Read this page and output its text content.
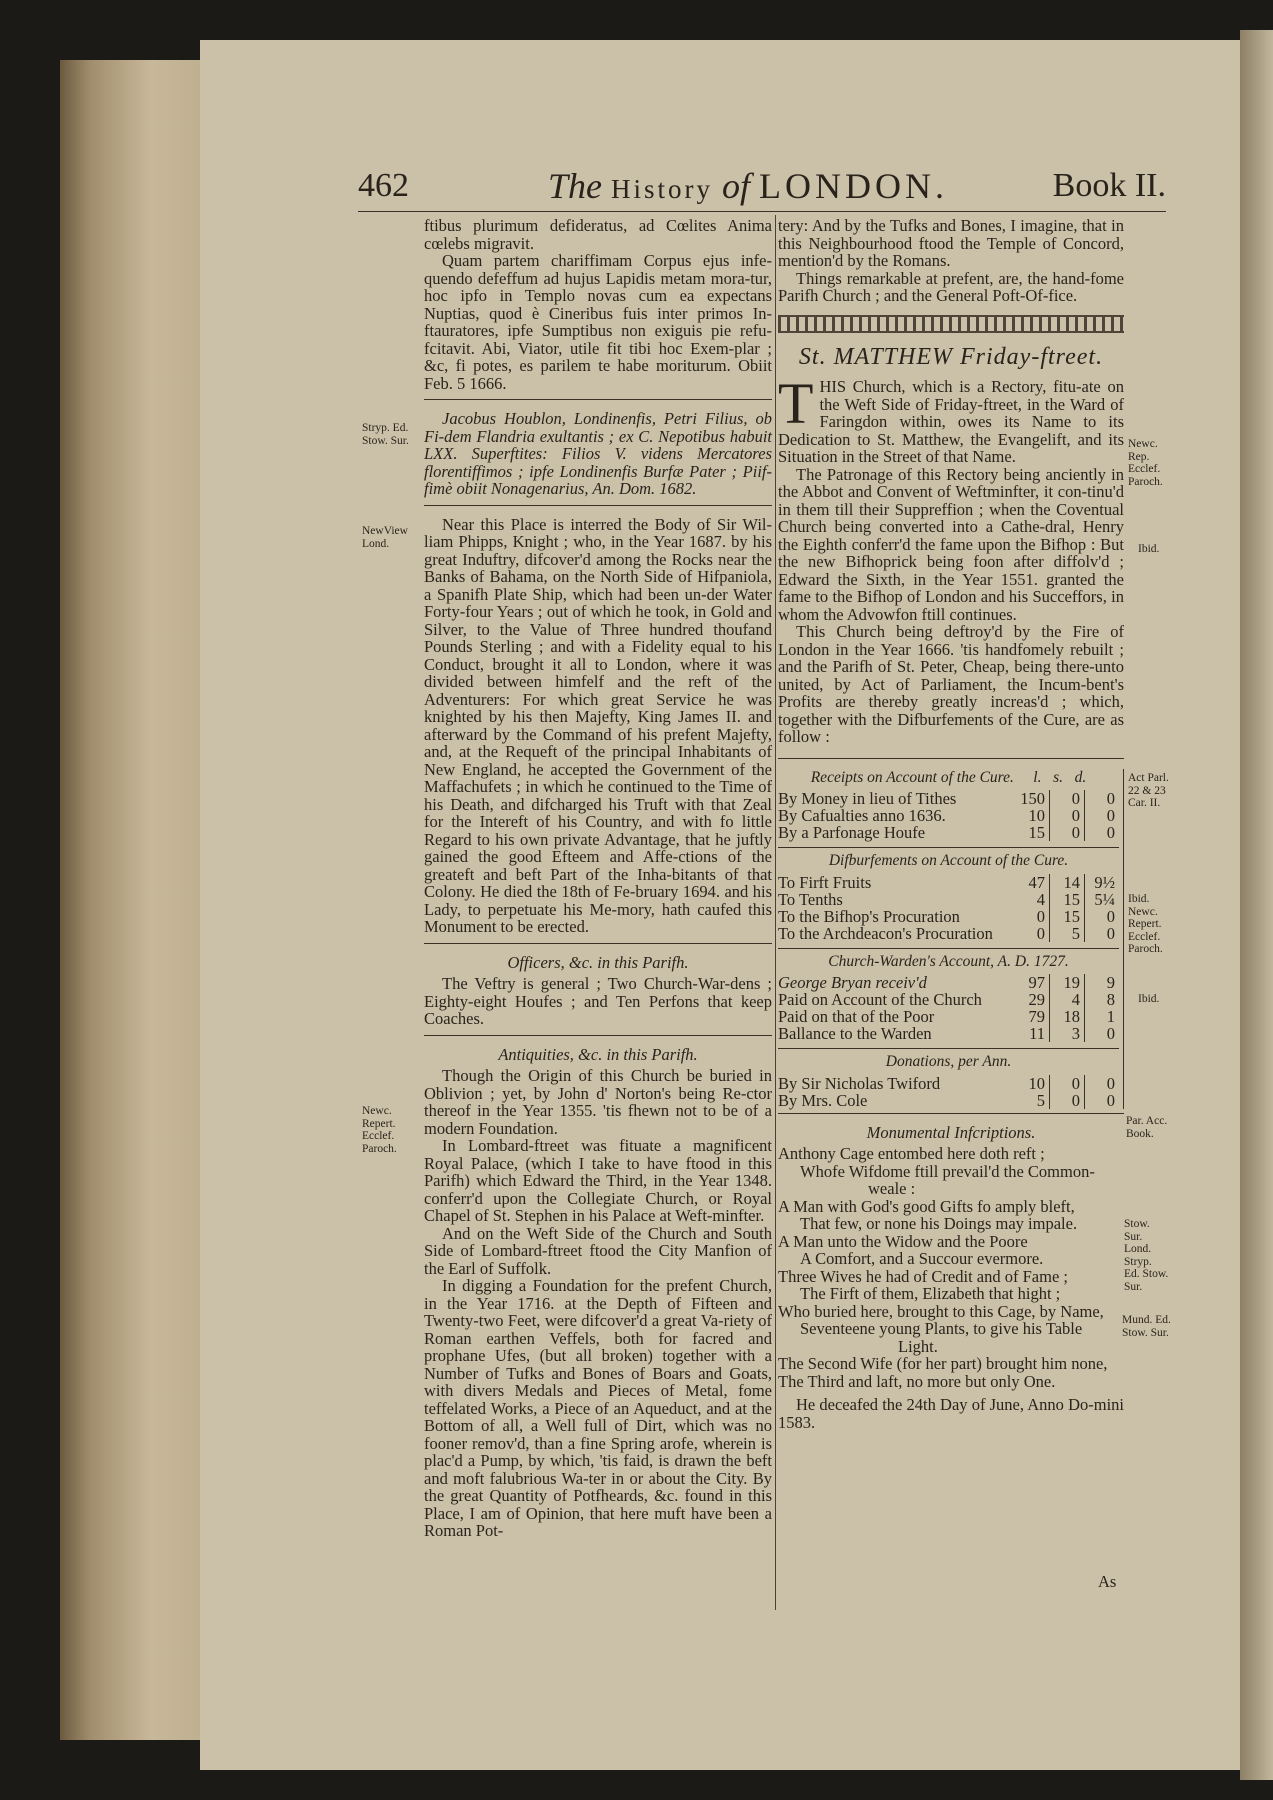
462	The History of LONDON.	Book II.
Stryp. Ed. Stow. Sur.
NewView Lond.
Newc. Repert. Ecclef. Paroch.
Newc. Rep. Ecclef. Paroch.
Ibid.
Act Parl. 22 & 23 Car. II.
Ibid. Newc. Repert. Ecclef. Paroch.
Ibid.
Par. Acc. Book.
Stow. Sur. Lond. Stryp. Ed. Stow. Sur.
Mund. Ed. Stow. Sur.

ftibus plurimum defideratus, ad Cœlites Anima cœlebs migravit.

Quam partem chariffimam Corpus ejus infe-quendo defeffum ad hujus Lapidis metam mora-tur, hoc ipfo in Templo novas cum ea expectans Nuptias, quod è Cineribus fuis inter primos In-ftauratores, ipfe Sumptibus non exiguis pie refu-fcitavit. Abi, Viator, utile fit tibi hoc Exem-plar ; &c, fi potes, es parilem te habe moriturum. Obiit Feb. 5 1666.

Jacobus Houblon, Londinenfis, Petri Filius, ob Fi-dem Flandria exultantis ; ex C. Nepotibus habuit LXX. Superftites: Filios V. videns Mercatores florentiffimos ; ipfe Londinenfis Burfæ Pater ; Piif-fimè obiit Nonagenarius, An. Dom. 1682.

Near this Place is interred the Body of Sir Wil-liam Phipps, Knight ; who, in the Year 1687. by his great Induftry, difcover'd among the Rocks near the Banks of Bahama, on the North Side of Hifpaniola, a Spanifh Plate Ship, which had been un-der Water Forty-four Years ; out of which he took, in Gold and Silver, to the Value of Three hundred thoufand Pounds Sterling ; and with a Fidelity equal to his Conduct, brought it all to London, where it was divided between himfelf and the reft of the Adventurers: For which great Service he was knighted by his then Majefty, King James II. and afterward by the Command of his prefent Majefty, and, at the Requeft of the principal Inhabitants of New England, he accepted the Government of the Maffachufets ; in which he continued to the Time of his Death, and difcharged his Truft with that Zeal for the Intereft of his Country, and with fo little Regard to his own private Advantage, that he juftly gained the good Efteem and Affe-ctions of the greateft and beft Part of the Inha-bitants of that Colony. He died the 18th of Fe-bruary 1694. and his Lady, to perpetuate his Me-mory, hath caufed this Monument to be erected.

Officers, &c. in this Parifh.

The Veftry is general ; Two Church-War-dens ; Eighty-eight Houfes ; and Ten Perfons that keep Coaches.

Antiquities, &c. in this Parifh.

Though the Origin of this Church be buried in Oblivion ; yet, by John d' Norton's being Re-ctor thereof in the Year 1355. 'tis fhewn not to be of a modern Foundation.

In Lombard-ftreet was fituate a magnificent Royal Palace, (which I take to have ftood in this Parifh) which Edward the Third, in the Year 1348. conferr'd upon the Collegiate Church, or Royal Chapel of St. Stephen in his Palace at Weft-minfter.

And on the Weft Side of the Church and South Side of Lombard-ftreet ftood the City Manfion of the Earl of Suffolk.

In digging a Foundation for the prefent Church, in the Year 1716. at the Depth of Fifteen and Twenty-two Feet, were difcover'd a great Va-riety of Roman earthen Veffels, both for facred and prophane Ufes, (but all broken) together with a Number of Tufks and Bones of Boars and Goats, with divers Medals and Pieces of Metal, fome teffelated Works, a Piece of an Aqueduct, and at the Bottom of all, a Well full of Dirt, which was no fooner remov'd, than a fine Spring arofe, wherein is plac'd a Pump, by which, 'tis faid, is drawn the beft and moft falubrious Wa-ter in or about the City. By the great Quantity of Potfheards, &c. found in this Place, I am of Opinion, that here muft have been a Roman Pot-

tery: And by the Tufks and Bones, I imagine, that in this Neighbourhood ftood the Temple of Concord, mention'd by the Romans.

Things remarkable at prefent, are, the hand-fome Parifh Church ; and the General Poft-Of-fice.

St. MATTHEW Friday-ftreet.

THIS Church, which is a Rectory, fitu-ate on the Weft Side of Friday-ftreet, in the Ward of Faringdon within, owes its Name to its Dedication to St. Matthew, the Evangelift, and its Situation in the Street of that Name.

The Patronage of this Rectory being anciently in the Abbot and Convent of Weftminfter, it con-tinu'd in them till their Suppreffion ; when the Coventual Church being converted into a Cathe-dral, Henry the Eighth conferr'd the fame upon the Bifhop : But the new Bifhoprick being foon after diffolv'd ; Edward the Sixth, in the Year 1551. granted the fame to the Bifhop of London and his Succeffors, in whom the Advowfon ftill continues.

This Church being deftroy'd by the Fire of London in the Year 1666. 'tis handfomely rebuilt ; and the Parifh of St. Peter, Cheap, being there-unto united, by Act of Parliament, the Incum-bent's Profits are thereby greatly increas'd ; which, together with the Difburfements of the Cure, are as follow :

Receipts on Account of the Cure. l. s. d.
By Money in lieu of Tithes	150	0	0
By Cafualties anno 1636.	10	0	0
By a Parfonage Houfe	15	0	0
Difburfements on Account of the Cure.
To Firft Fruits	47	14	9½
To Tenths	4	15	5¼
To the Bifhop's Procuration	0	15	0
To the Archdeacon's Procuration	0	5	0
Church-Warden's Account, A. D. 1727.
George Bryan receiv'd	97	19	9
Paid on Account of the Church	29	4	8
Paid on that of the Poor	79	18	1
Ballance to the Warden	11	3	0
Donations, per Ann.
By Sir Nicholas Twiford	10	0	0
By Mrs. Cole	5	0	0
Monumental Infcriptions.
Anthony Cage entombed here doth reft ;
Whofe Wifdome ftill prevail'd the Common-
weale :
A Man with God's good Gifts fo amply bleft,
That few, or none his Doings may impale.
A Man unto the Widow and the Poore
A Comfort, and a Succour evermore.
Three Wives he had of Credit and of Fame ;
The Firft of them, Elizabeth that hight ;
Who buried here, brought to this Cage, by Name,
Seventeene young Plants, to give his Table
Light.
The Second Wife (for her part) brought him none,
The Third and laft, no more but only One.

He deceafed the 24th Day of June, Anno Do-mini 1583.

As
